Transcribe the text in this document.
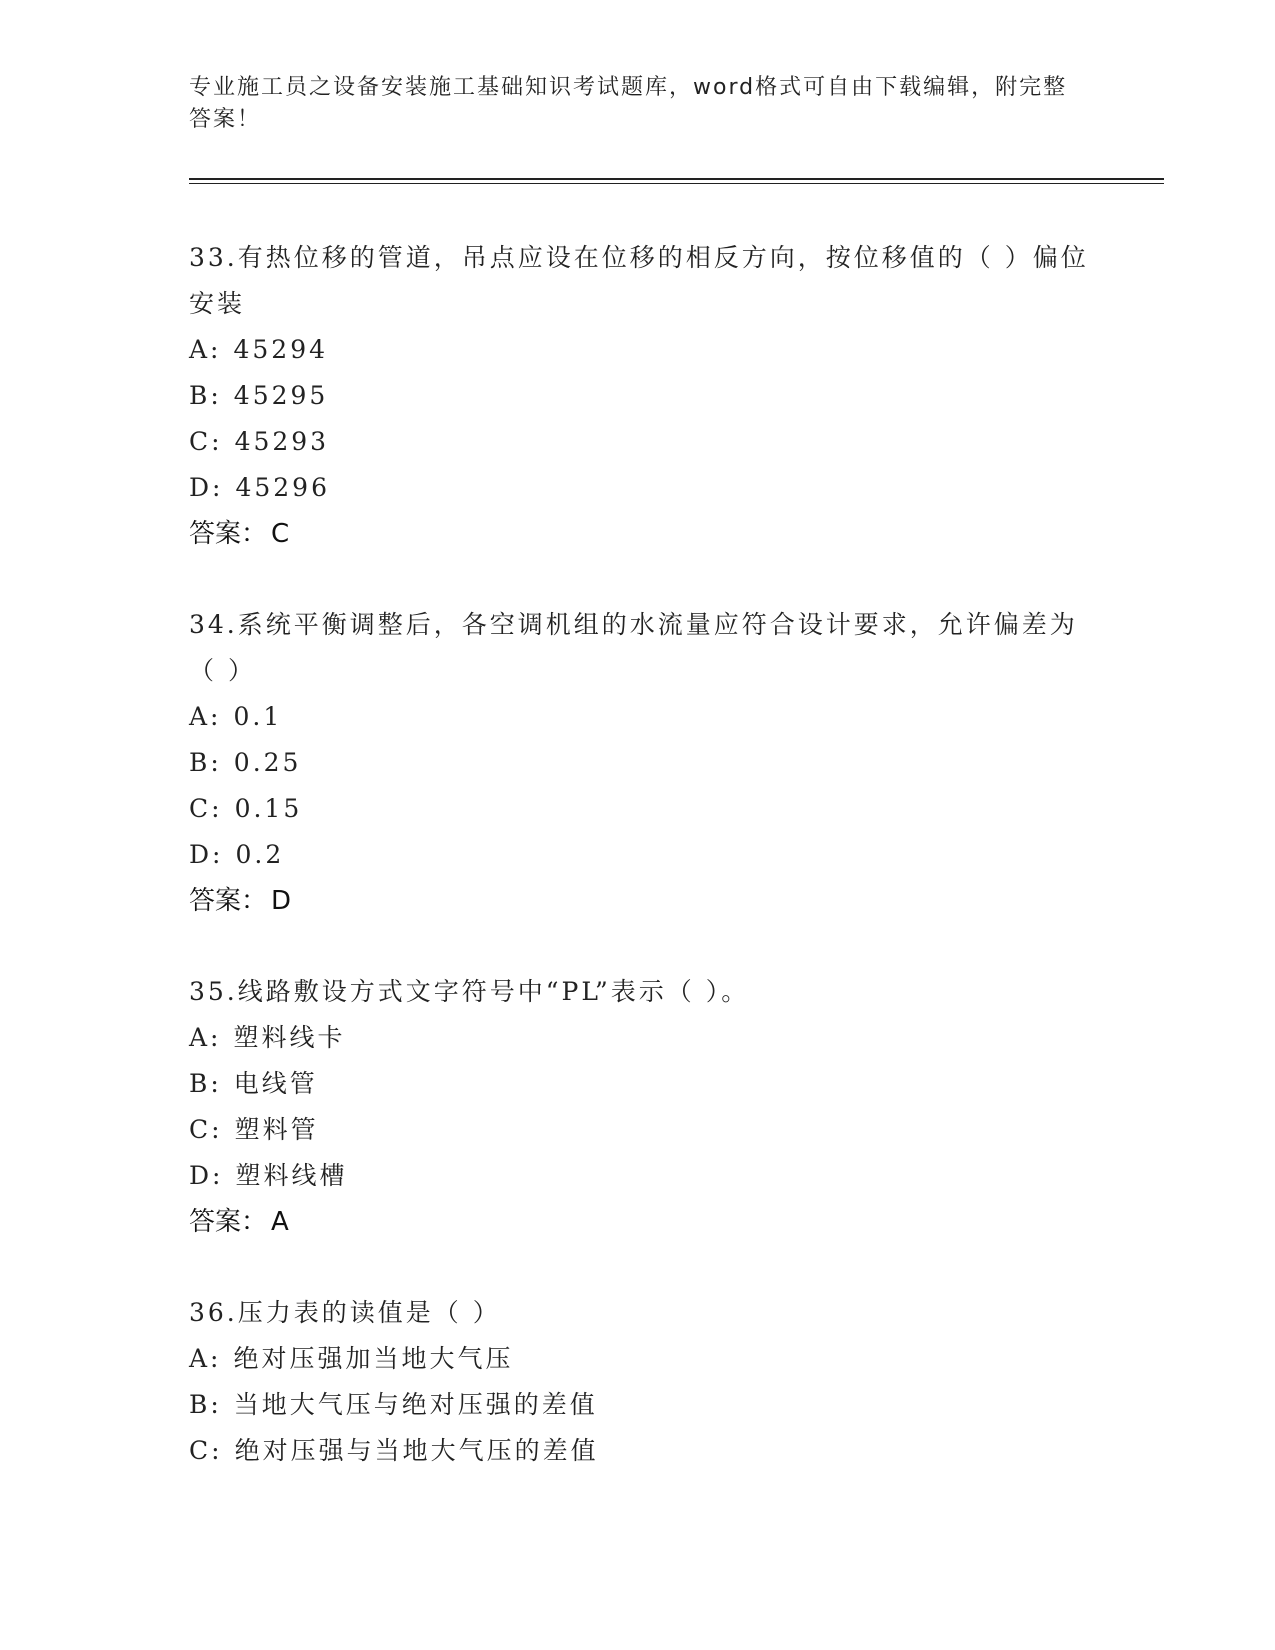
专业施工员之设备安装施工基础知识考试题库，word格式可自由下载编辑，附完整答案！

33.有热位移的管道，吊点应设在位移的相反方向，按位移值的（ ）偏位安装

A: 45294

B: 45295

C: 45293

D: 45296

答案： C

34.系统平衡调整后，各空调机组的水流量应符合设计要求，允许偏差为（ ）

A: 0.1

B: 0.25

C: 0.15

D: 0.2

答案： D

35.线路敷设方式文字符号中“PL”表示（ ）。

A: 塑料线卡

B: 电线管

C: 塑料管

D: 塑料线槽

答案： A

36.压力表的读值是（ ）

A: 绝对压强加当地大气压

B: 当地大气压与绝对压强的差值

C: 绝对压强与当地大气压的差值
